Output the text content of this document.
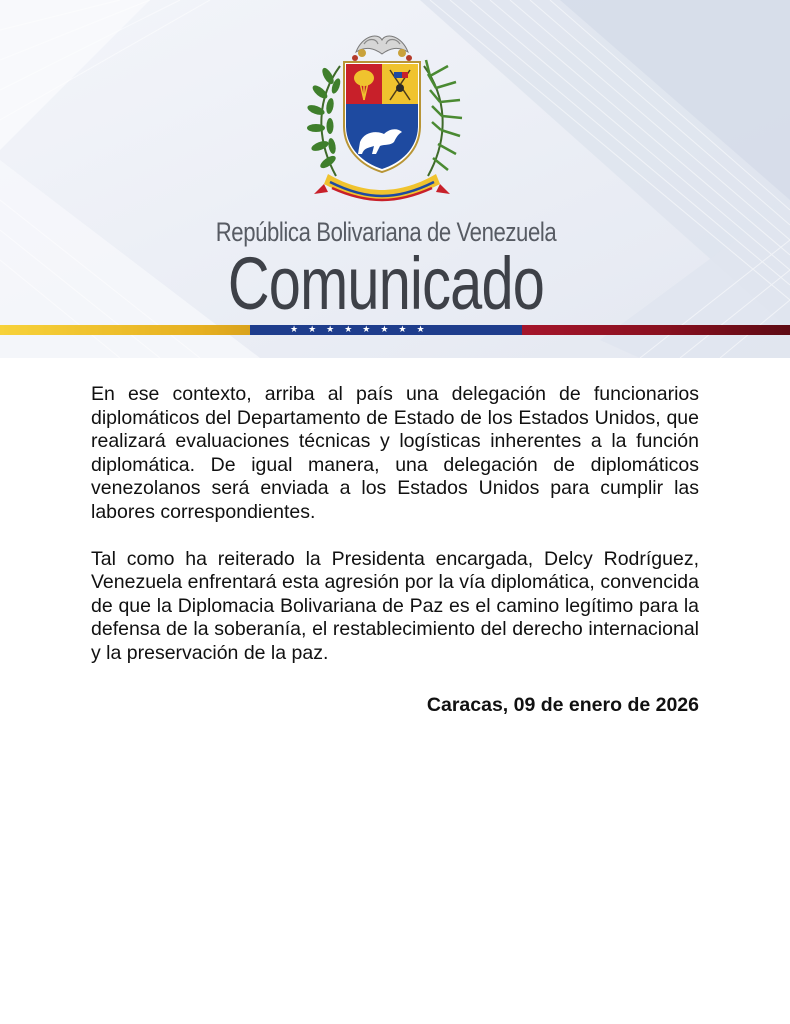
República Bolivariana de Venezuela
Comunicado
★★★★★★★★

En ese contexto, arriba al país una delegación de funcionarios diplomáticos del Departamento de Estado de los Estados Unidos, que realizará evaluaciones técnicas y logísticas inherentes a la función diplomática. De igual manera, una delegación de diplomáticos venezolanos será enviada a los Estados Unidos para cumplir las labores correspondientes.

Tal como ha reiterado la Presidenta encargada, Delcy Rodríguez, Venezuela enfrentará esta agresión por la vía diplomática, convencida de que la Diplomacia Bolivariana de Paz es el camino legítimo para la defensa de la soberanía, el restablecimiento del derecho internacional y la preservación de la paz.

Caracas, 09 de enero de 2026
